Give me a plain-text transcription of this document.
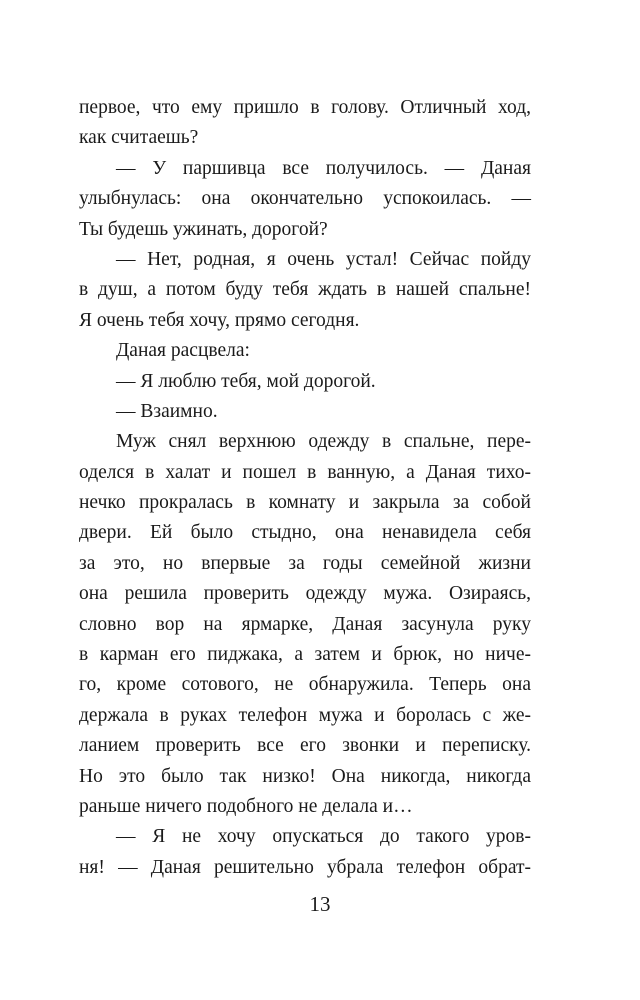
первое, что ему пришло в голову. Отличный ход,
как считаешь?
— У паршивца все получилось. — Даная
улыбнулась: она окончательно успокоилась. —
Ты будешь ужинать, дорогой?
— Нет, родная, я очень устал! Сейчас пойду
в душ, а потом буду тебя ждать в нашей спальне!
Я очень тебя хочу, прямо сегодня.
Даная расцвела:
— Я люблю тебя, мой дорогой.
— Взаимно.
Муж снял верхнюю одежду в спальне, пере-
оделся в халат и пошел в ванную, а Даная тихо-
нечко прокралась в комнату и закрыла за собой
двери. Ей было стыдно, она ненавидела себя
за это, но впервые за годы семейной жизни
она решила проверить одежду мужа. Озираясь,
словно вор на ярмарке, Даная засунула руку
в карман его пиджака, а затем и брюк, но ниче-
го, кроме сотового, не обнаружила. Теперь она
держала в руках телефон мужа и боролась с же-
ланием проверить все его звонки и переписку.
Но это было так низко! Она никогда, никогда
раньше ничего подобного не делала и…
— Я не хочу опускаться до такого уров-
ня! — Даная решительно убрала телефон обрат-
13
